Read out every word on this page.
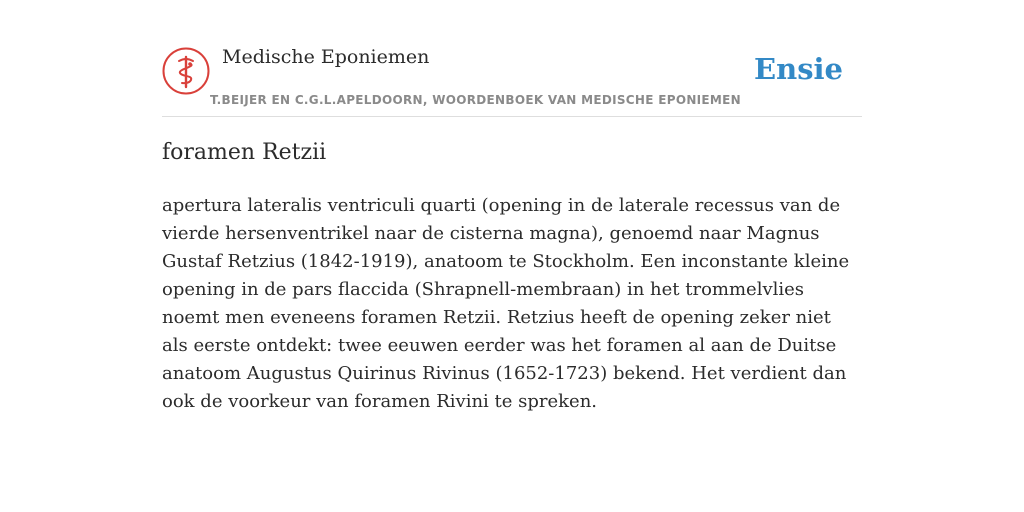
Medische Eponiemen
T.BEIJER EN C.G.L.APELDOORN, WOORDENBOEK VAN MEDISCHE EPONIEMEN
Ensie
foramen Retzii

apertura lateralis ventriculi quarti (opening in de laterale recessus van de vierde hersenventrikel naar de cisterna magna), genoemd naar Magnus Gustaf Retzius (1842-1919), anatoom te Stockholm. Een inconstante kleine opening in de pars flaccida (Shrapnell-membraan) in het trommelvlies noemt men eveneens foramen Retzii. Retzius heeft de opening zeker niet als eerste ontdekt: twee eeuwen eerder was het foramen al aan de Duitse anatoom Augustus Quirinus Rivinus (1652-1723) bekend. Het verdient dan ook de voorkeur van foramen Rivini te spreken.
